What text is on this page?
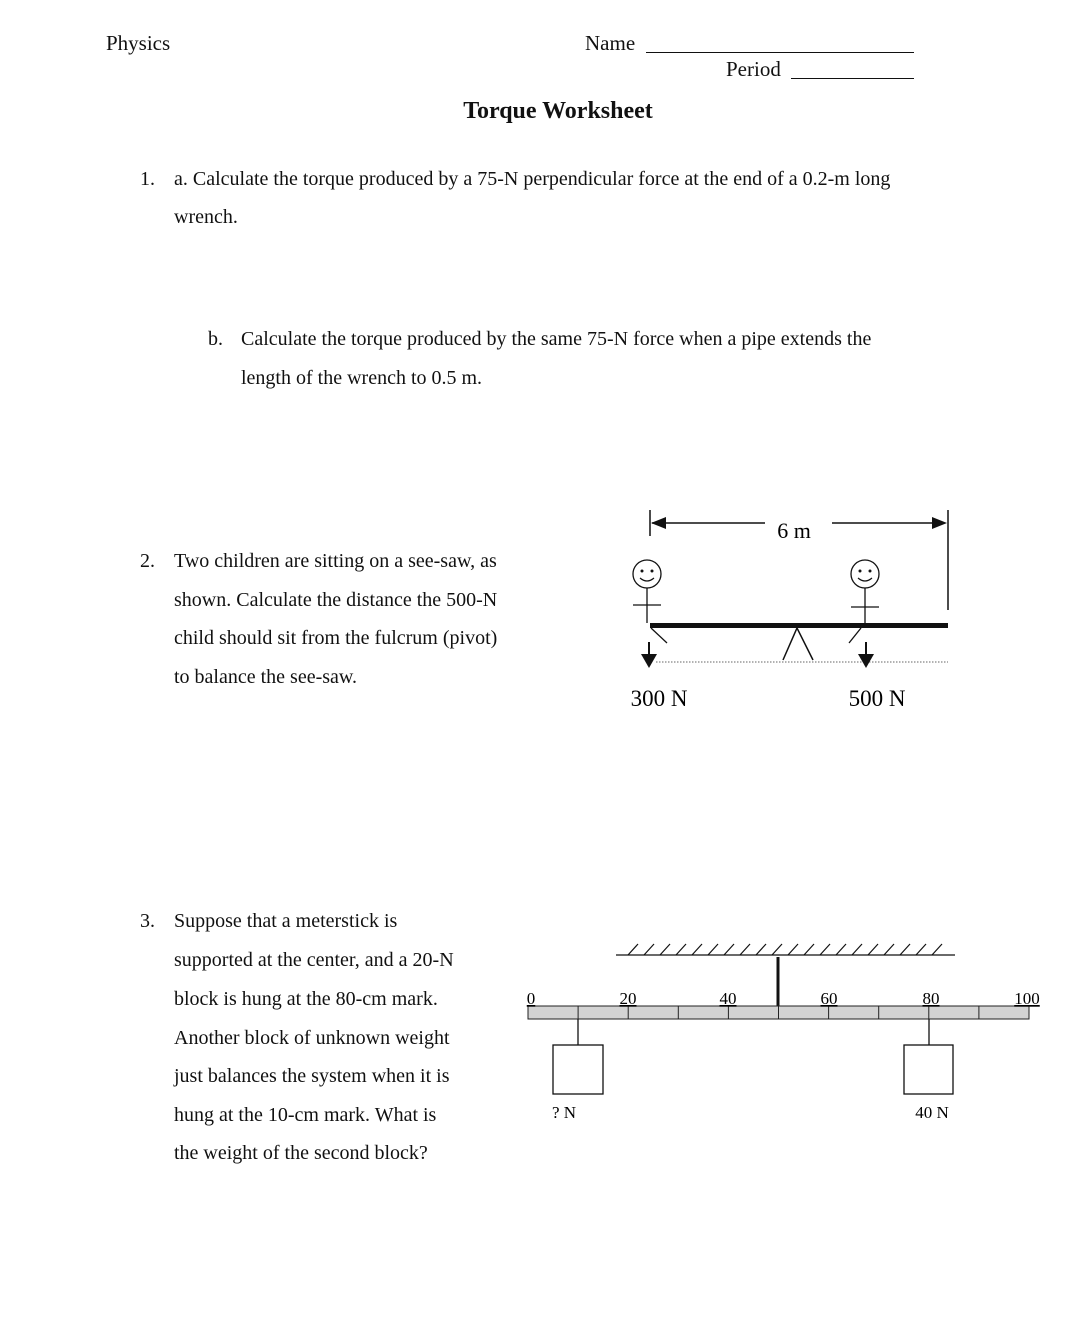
Physics	Name
Period
Torque Worksheet
1. a. Calculate the torque produced by a 75-N perpendicular force at the end of a 0.2-m long
wrench.
b. Calculate the torque produced by the same 75-N force when a pipe extends the
length of the wrench to 0.5 m.
2. Two children are sitting on a see-saw, as
shown. Calculate the distance the 500-N
child should sit from the fulcrum (pivot)
to balance the see-saw.
6 m
300 N	500 N
3. Suppose that a meterstick is
supported at the center, and a 20-N
block is hung at the 80-cm mark.
Another block of unknown weight
just balances the system when it is
hung at the 10-cm mark. What is
the weight of the second block?
0	20	40	60	80	100
? N	40 N
